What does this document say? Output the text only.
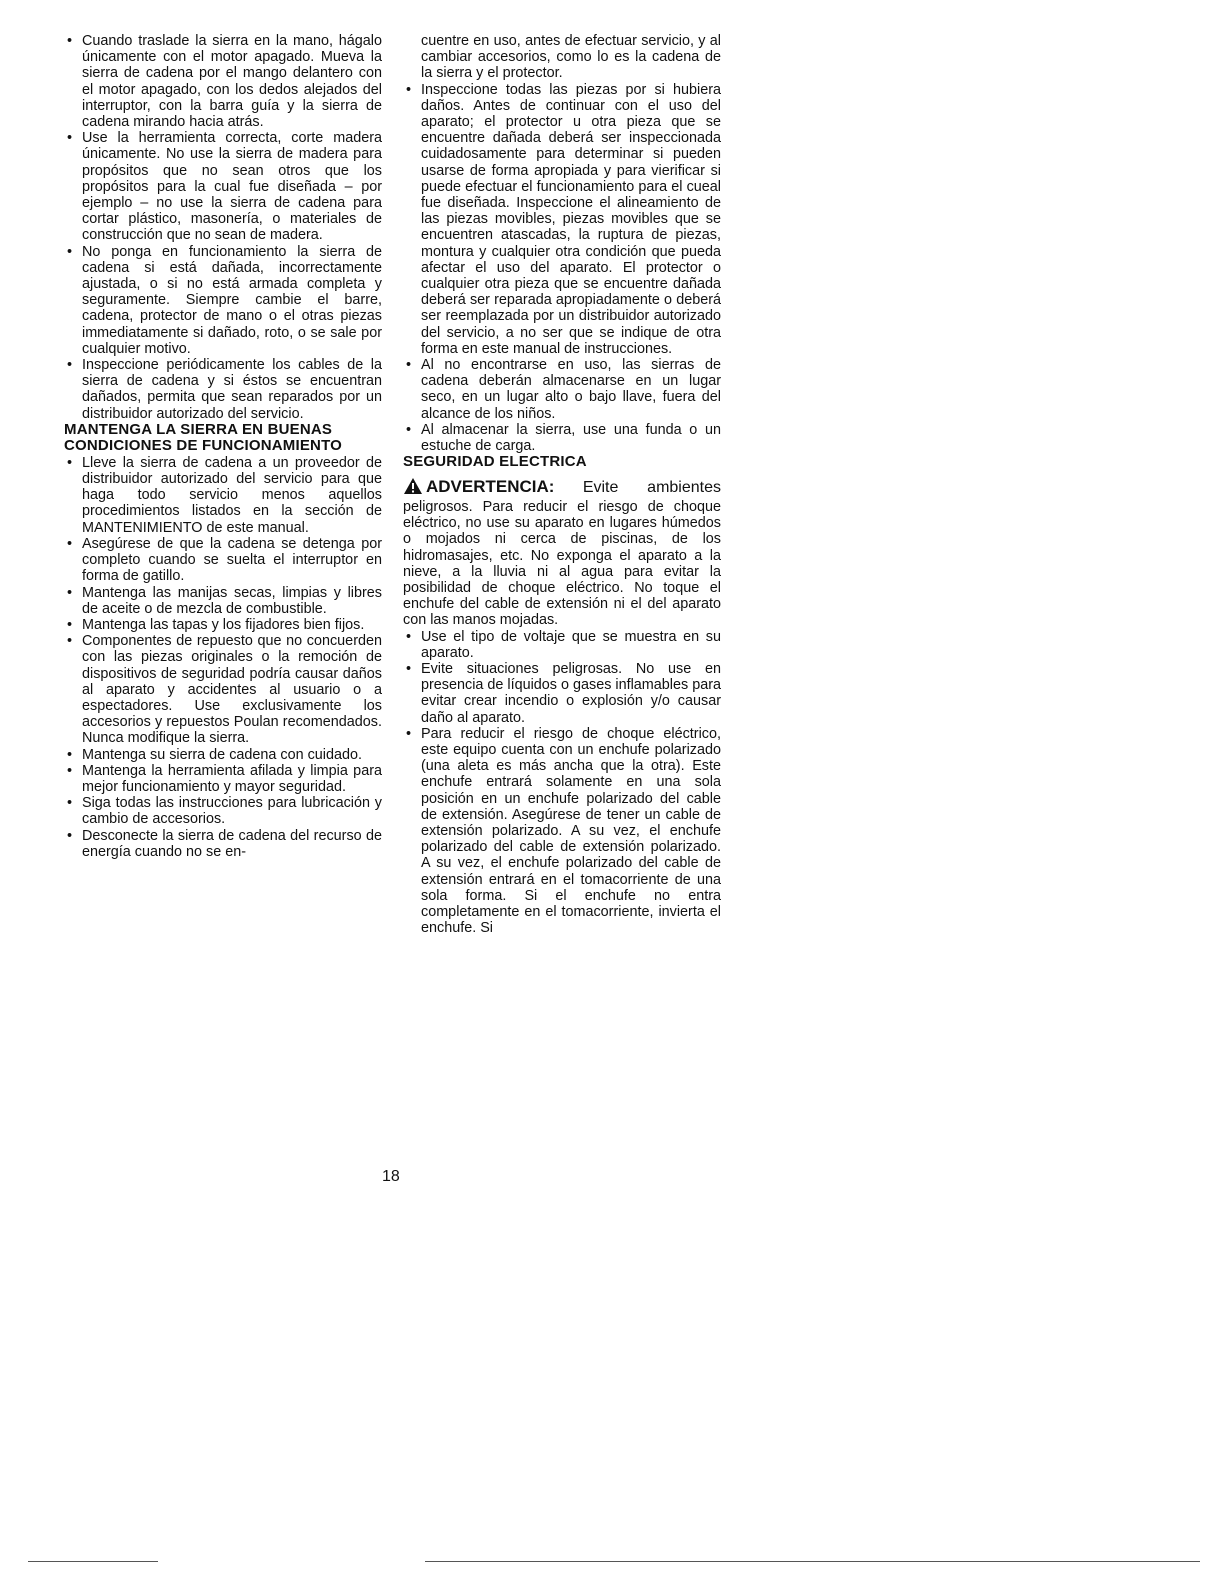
• Cuando traslade la sierra en la mano, hágalo únicamente con el motor apagado. Mueva la sierra de cadena por el mango delantero con el motor apagado, con los dedos alejados del interruptor, con la barra guía y la sierra de cadena mirando hacia atrás.
• Use la herramienta correcta, corte madera únicamente. No use la sierra de madera para propósitos que no sean otros que los propósitos para la cual fue diseñada – por ejemplo – no use la sierra de cadena para cortar plástico, masonería, o materiales de construcción que no sean de madera.
• No ponga en funcionamiento la sierra de cadena si está dañada, incorrectamente ajustada, o si no está armada completa y seguramente. Siempre cambie el barre, cadena, protector de mano o el otras piezas immediatamente si dañado, roto, o se sale por cualquier motivo.
• Inspeccione periódicamente los cables de la sierra de cadena y si éstos se encuentran dañados, permita que sean reparados por un distribuidor autorizado del servicio.
MANTENGA LA SIERRA EN BUENAS CONDICIONES DE FUNCIONAMIENTO
• Lleve la sierra de cadena a un proveedor de distribuidor autorizado del servicio para que haga todo servicio menos aquellos procedimientos listados en la sección de MANTENIMIENTO de este manual.
• Asegúrese de que la cadena se detenga por completo cuando se suelta el interruptor en forma de gatillo.
• Mantenga las manijas secas, limpias y libres de aceite o de mezcla de combustible.
• Mantenga las tapas y los fijadores bien fijos.
• Componentes de repuesto que no concuerden con las piezas originales o la remoción de dispositivos de seguridad podría causar daños al aparato y accidentes al usuario o a espectadores. Use exclusivamente los accesorios y repuestos Poulan recomendados. Nunca modifique la sierra.
• Mantenga su sierra de cadena con cuidado.
• Mantenga la herramienta afilada y limpia para mejor funcionamiento y mayor seguridad.
• Siga todas las instrucciones para lubricación y cambio de accesorios.
• Desconecte la sierra de cadena del recurso de energía cuando no se en-
cuentre en uso, antes de efectuar servicio, y al cambiar accesorios, como lo es la cadena de la sierra y el protector.
• Inspeccione todas las piezas por si hubiera daños. Antes de continuar con el uso del aparato; el protector u otra pieza que se encuentre dañada deberá ser inspeccionada cuidadosamente para determinar si pueden usarse de forma apropiada y para vierificar si puede efectuar el funcionamiento para el cueal fue diseñada. Inspeccione el alineamiento de las piezas movibles, piezas movibles que se encuentren atascadas, la ruptura de piezas, montura y cualquier otra condición que pueda afectar el uso del aparato. El protector o cualquier otra pieza que se encuentre dañada deberá ser reparada apropiadamente o deberá ser reemplazada por un distribuidor autorizado del servicio, a no ser que se indique de otra forma en este manual de instrucciones.
• Al no encontrarse en uso, las sierras de cadena deberán almacenarse en un lugar seco, en un lugar alto o bajo llave, fuera del alcance de los niños.
• Al almacenar la sierra, use una funda o un estuche de carga.
SEGURIDAD ELECTRICA

ADVERTENCIA: Evite ambientes peligrosos. Para reducir el riesgo de choque eléctrico, no use su aparato en lugares húmedos o mojados ni cerca de piscinas, de los hidromasajes, etc. No exponga el aparato a la nieve, a la lluvia ni al agua para evitar la posibilidad de choque eléctrico. No toque el enchufe del cable de extensión ni el del aparato con las manos mojadas.

• Use el tipo de voltaje que se muestra en su aparato.
• Evite situaciones peligrosas. No use en presencia de líquidos o gases inflamables para evitar crear incendio o explosión y/o causar daño al aparato.
• Para reducir el riesgo de choque eléctrico, este equipo cuenta con un enchufe polarizado (una aleta es más ancha que la otra). Este enchufe entrará solamente en una sola posición en un enchufe polarizado del cable de extensión. Asegúrese de tener un cable de extensión polarizado. A su vez, el enchufe polarizado del cable de extensión polarizado. A su vez, el enchufe polarizado del cable de extensión entrará en el tomacorriente de una sola forma. Si el enchufe no entra completamente en el tomacorriente, invierta el enchufe. Si
18
